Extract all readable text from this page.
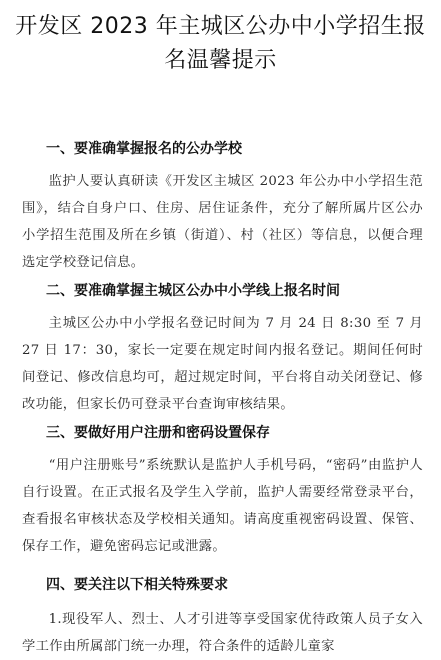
开发区 2023 年主城区公办中小学招生报名温馨提示
一、要准确掌握报名的公办学校

监护人要认真研读《开发区主城区 2023 年公办中小学招生范围》，结合自身户口、住房、居住证条件，充分了解所属片区公办小学招生范围及所在乡镇（街道）、村（社区）等信息，以便合理选定学校登记信息。

二、要准确掌握主城区公办中小学线上报名时间

主城区公办中小学报名登记时间为 7 月 24 日 8:30 至 7 月 27 日 17：30，家长一定要在规定时间内报名登记。期间任何时间登记、修改信息均可，超过规定时间，平台将自动关闭登记、修改功能，但家长仍可登录平台查询审核结果。

三、要做好用户注册和密码设置保存

“用户注册账号”系统默认是监护人手机号码，“密码”由监护人自行设置。在正式报名及学生入学前，监护人需要经常登录平台，查看报名审核状态及学校相关通知。请高度重视密码设置、保管、保存工作，避免密码忘记或泄露。

四、要关注以下相关特殊要求

1.现役军人、烈士、人才引进等享受国家优待政策人员子女入学工作由所属部门统一办理，符合条件的适龄儿童家
